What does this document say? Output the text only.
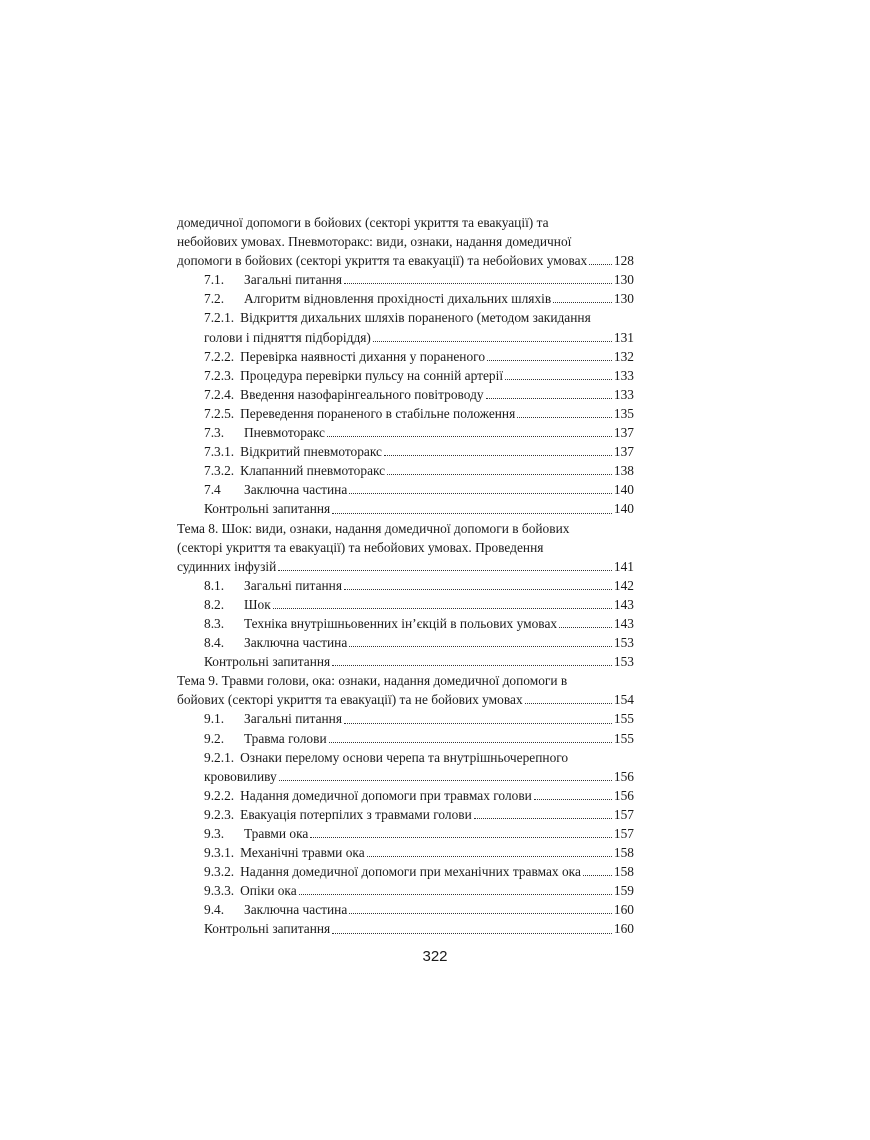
домедичної допомоги в бойових (секторі укриття та евакуації) та
небойових умовах. Пневмоторакс: види, ознаки, надання домедичної
допомоги в бойових (секторі укриття та евакуації) та небойових умовах 128
7.1.	Загальні питання	130
7.2.	Алгоритм відновлення прохідності дихальних шляхів	130
7.2.1. Відкриття дихальних шляхів пораненого (методом закидання
голови і підняття підборіддя)	131
7.2.2. Перевірка наявності дихання у пораненого	132
7.2.3. Процедура перевірки пульсу на сонній артерії	133
7.2.4. Введення назофарінгеального повітроводу	133
7.2.5. Переведення пораненого в стабільне положення	135
7.3.	Пневмоторакс	137
7.3.1. Відкритий пневмоторакс	137
7.3.2. Клапанний пневмоторакс	138
7.4	Заключна частина	140
Контрольні запитання	140
Тема 8. Шок: види, ознаки, надання домедичної допомоги в бойових
(секторі укриття та евакуації) та небойових умовах. Проведення
судинних інфузій	141
8.1.	Загальні питання	142
8.2.	Шок	143
8.3.	Техніка внутрішньовенних ін’єкцій в польових умовах	143
8.4.	Заключна частина	153
Контрольні запитання	153
Тема 9. Травми голови, ока: ознаки, надання домедичної допомоги в
бойових (секторі укриття та евакуації) та не бойових умовах	154
9.1.	Загальні питання	155
9.2.	Травма голови	155
9.2.1. Ознаки перелому основи черепа та внутрішньочерепного
крововиливу	156
9.2.2. Надання домедичної допомоги при травмах голови	156
9.2.3. Евакуація потерпілих з травмами голови	157
9.3.	Травми ока	157
9.3.1. Механічні травми ока	158
9.3.2. Надання домедичної допомоги при механічних травмах ока 158
9.3.3. Опіки ока	159
9.4.	Заключна частина	160
Контрольні запитання	160
322
